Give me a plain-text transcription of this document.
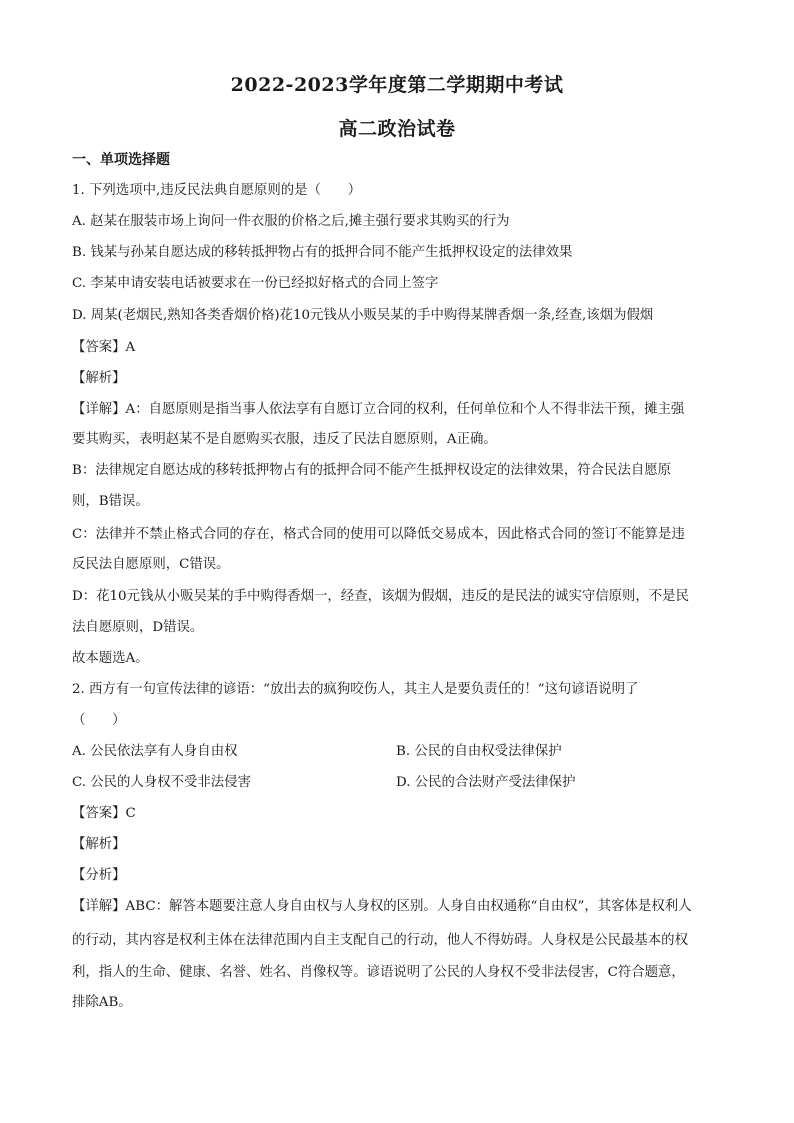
2022-2023学年度第二学期期中考试
高二政治试卷
一、单项选择题
1. 下列选项中,违反民法典自愿原则的是（　　）
A. 赵某在服装市场上询问一件衣服的价格之后,摊主强行要求其购买的行为
B. 钱某与孙某自愿达成的移转抵押物占有的抵押合同不能产生抵押权设定的法律效果
C. 李某申请安装电话被要求在一份已经拟好格式的合同上签字
D. 周某(老烟民,熟知各类香烟价格)花10元钱从小贩吴某的手中购得某牌香烟一条,经查,该烟为假烟
【答案】A
【解析】
【详解】A：自愿原则是指当事人依法享有自愿订立合同的权利，任何单位和个人不得非法干预，摊主强
要其购买，表明赵某不是自愿购买衣服，违反了民法自愿原则，A正确。
B：法律规定自愿达成的移转抵押物占有的抵押合同不能产生抵押权设定的法律效果，符合民法自愿原
则，B错误。
C：法律并不禁止格式合同的存在，格式合同的使用可以降低交易成本，因此格式合同的签订不能算是违
反民法自愿原则，C错误。
D：花10元钱从小贩吴某的手中购得香烟一，经查，该烟为假烟，违反的是民法的诚实守信原则，不是民
法自愿原则，D错误。
故本题选A。
2. 西方有一句宣传法律的谚语：“放出去的疯狗咬伤人，其主人是要负责任的！”这句谚语说明了
（　　）
A. 公民依法享有人身自由权	B. 公民的自由权受法律保护
C. 公民的人身权不受非法侵害	D. 公民的合法财产受法律保护
【答案】C
【解析】
【分析】
【详解】ABC：解答本题要注意人身自由权与人身权的区别。人身自由权通称“自由权”，其客体是权利人
的行动，其内容是权利主体在法律范围内自主支配自己的行动，他人不得妨碍。人身权是公民最基本的权
利，指人的生命、健康、名誉、姓名、肖像权等。谚语说明了公民的人身权不受非法侵害，C符合题意，
排除AB。
